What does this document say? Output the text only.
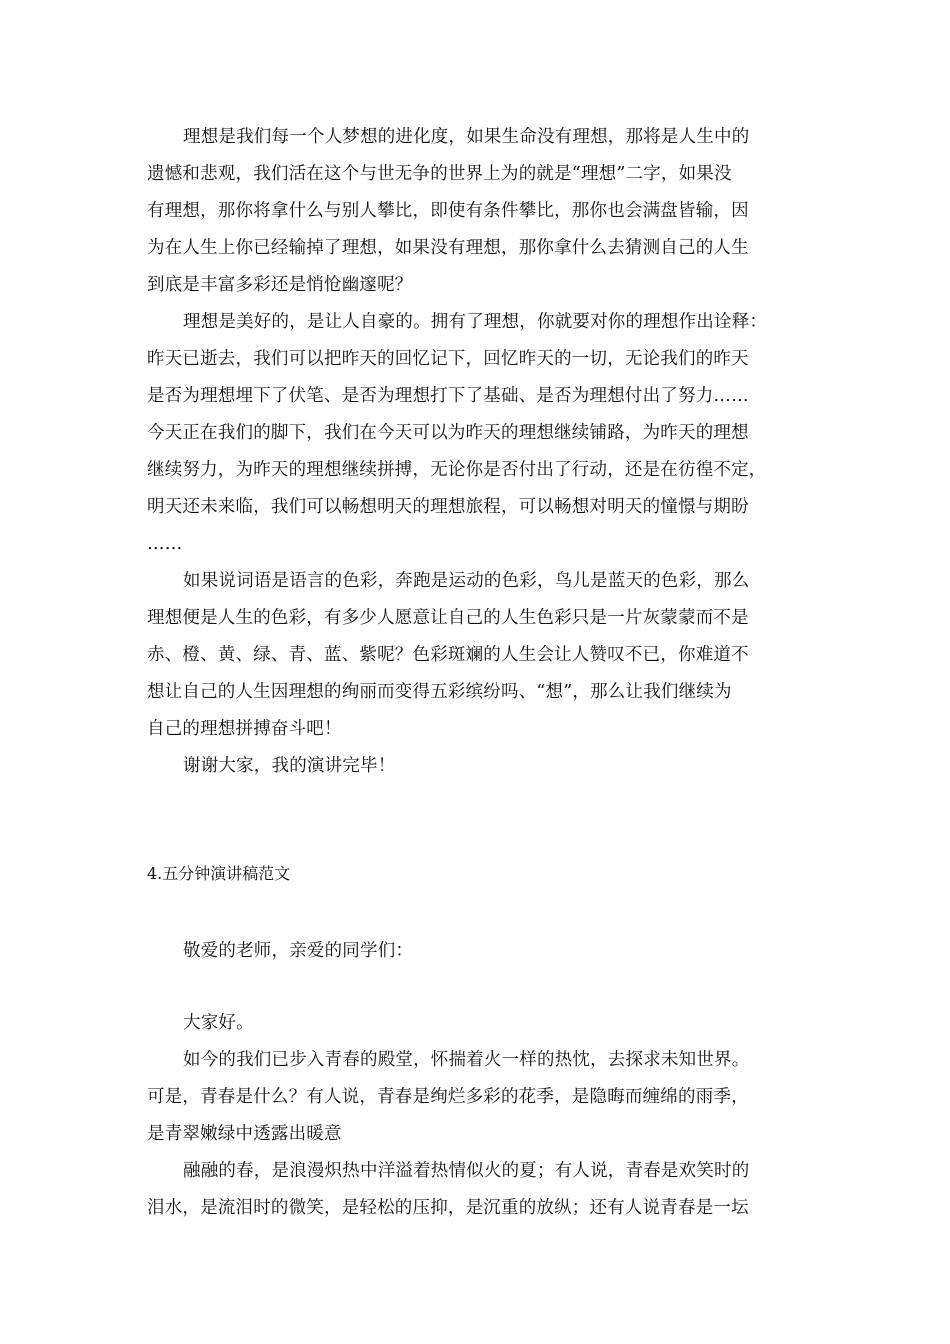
理想是我们每一个人梦想的进化度，如果生命没有理想，那将是人生中的
遗憾和悲观，我们活在这个与世无争的世界上为的就是“理想”二字，如果没
有理想，那你将拿什么与别人攀比，即使有条件攀比，那你也会满盘皆输，因
为在人生上你已经输掉了理想，如果没有理想，那你拿什么去猜测自己的人生
到底是丰富多彩还是悄怆幽邃呢？
理想是美好的，是让人自豪的。拥有了理想，你就要对你的理想作出诠释：
昨天已逝去，我们可以把昨天的回忆记下，回忆昨天的一切，无论我们的昨天
是否为理想埋下了伏笔、是否为理想打下了基础、是否为理想付出了努力……
今天正在我们的脚下，我们在今天可以为昨天的理想继续铺路，为昨天的理想
继续努力，为昨天的理想继续拼搏，无论你是否付出了行动，还是在彷徨不定，
明天还未来临，我们可以畅想明天的理想旅程，可以畅想对明天的憧憬与期盼
……
如果说词语是语言的色彩，奔跑是运动的色彩，鸟儿是蓝天的色彩，那么
理想便是人生的色彩，有多少人愿意让自己的人生色彩只是一片灰蒙蒙而不是
赤、橙、黄、绿、青、蓝、紫呢？色彩斑斓的人生会让人赞叹不已，你难道不
想让自己的人生因理想的绚丽而变得五彩缤纷吗、“想”，那么让我们继续为
自己的理想拼搏奋斗吧！
谢谢大家，我的演讲完毕！
4.五分钟演讲稿范文
敬爱的老师，亲爱的同学们：
大家好。
如今的我们已步入青春的殿堂，怀揣着火一样的热忱，去探求未知世界。
可是，青春是什么？有人说，青春是绚烂多彩的花季，是隐晦而缠绵的雨季，
是青翠嫩绿中透露出暖意
融融的春，是浪漫炽热中洋溢着热情似火的夏；有人说，青春是欢笑时的
泪水，是流泪时的微笑，是轻松的压抑，是沉重的放纵；还有人说青春是一坛
